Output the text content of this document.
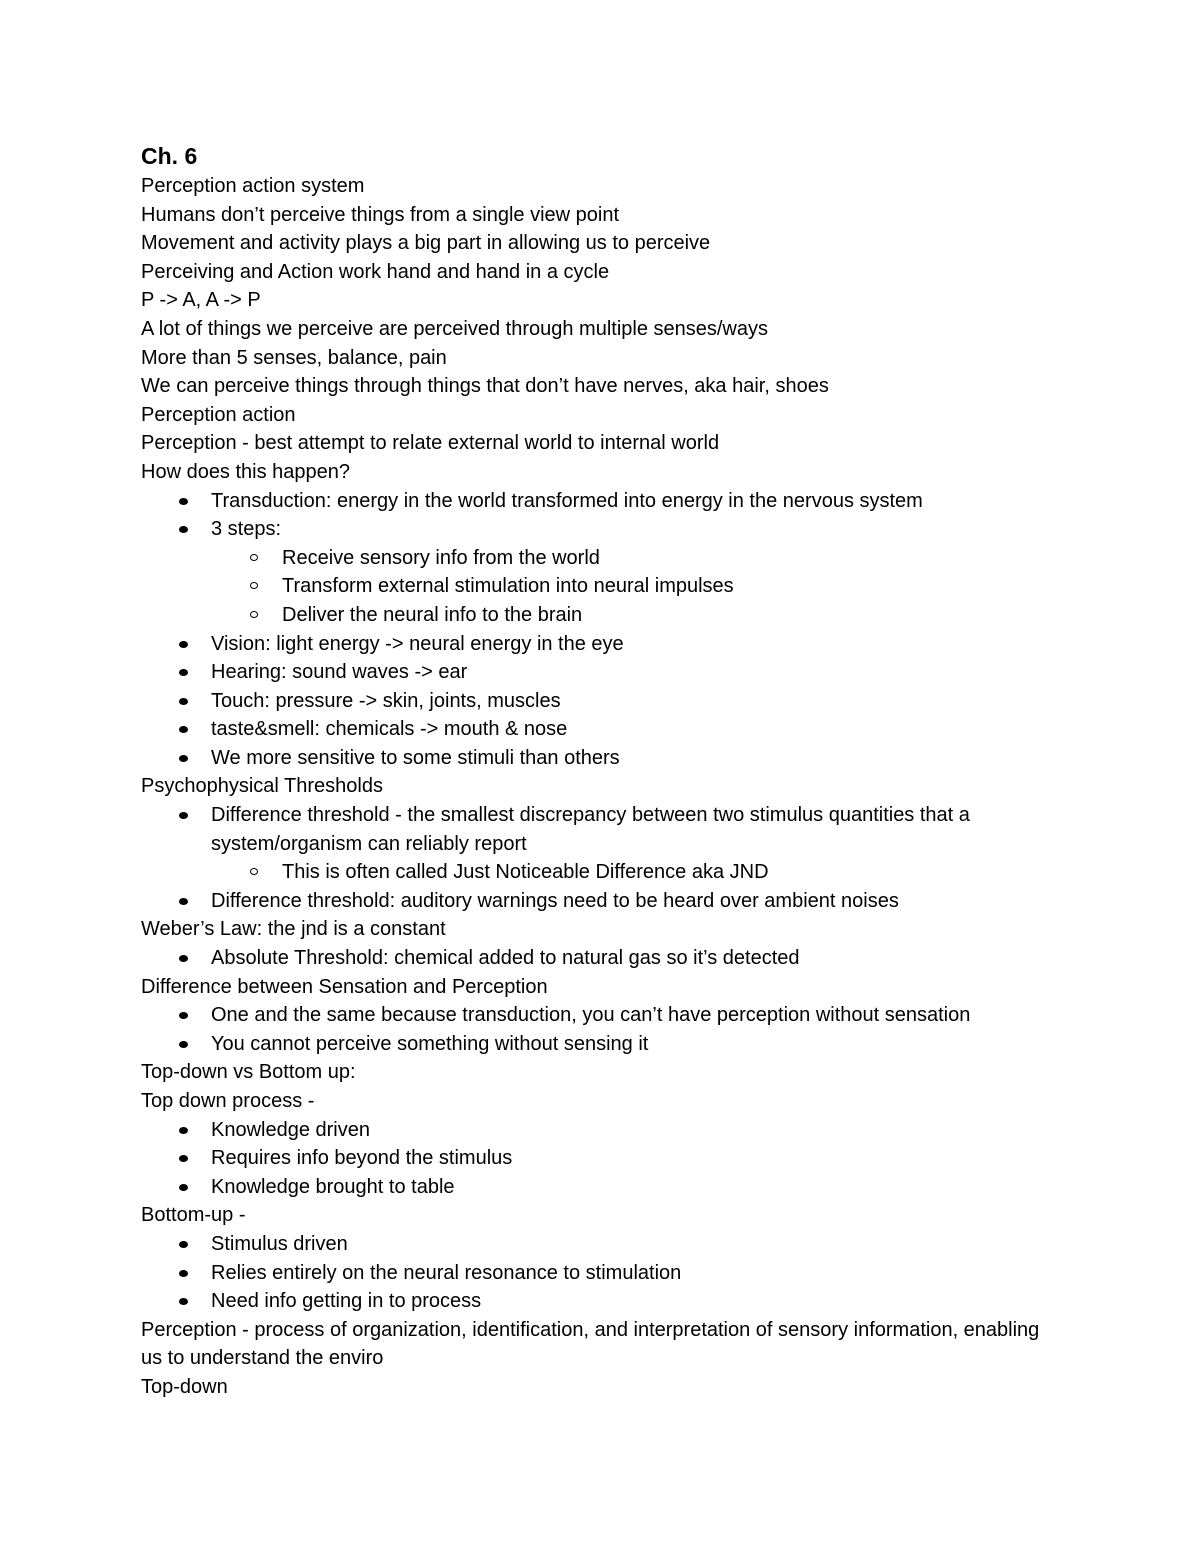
Ch. 6

Perception action system

Humans don’t perceive things from a single view point

Movement and activity plays a big part in allowing us to perceive

Perceiving and Action work hand and hand in a cycle

P -> A, A -> P

A lot of things we perceive are perceived through multiple senses/ways

More than 5 senses, balance, pain

We can perceive things through things that don’t have nerves, aka hair, shoes

Perception action

Perception - best attempt to relate external world to internal world

How does this happen?

Transduction: energy in the world transformed into energy in the nervous system
3 steps:
Receive sensory info from the world
Transform external stimulation into neural impulses
Deliver the neural info to the brain
Vision: light energy -> neural energy in the eye
Hearing: sound waves -> ear
Touch: pressure -> skin, joints, muscles
taste&smell: chemicals -> mouth & nose
We more sensitive to some stimuli than others

Psychophysical Thresholds

Difference threshold - the smallest discrepancy between two stimulus quantities that a system/organism can reliably report
This is often called Just Noticeable Difference aka JND
Difference threshold: auditory warnings need to be heard over ambient noises

Weber’s Law: the jnd is a constant

Absolute Threshold: chemical added to natural gas so it’s detected

Difference between Sensation and Perception

One and the same because transduction, you can’t have perception without sensation
You cannot perceive something without sensing it

Top-down vs Bottom up:

Top down process -

Knowledge driven
Requires info beyond the stimulus
Knowledge brought to table

Bottom-up -

Stimulus driven
Relies entirely on the neural resonance to stimulation
Need info getting in to process

Perception - process of organization, identification, and interpretation of sensory information, enabling us to understand the enviro

Top-down
